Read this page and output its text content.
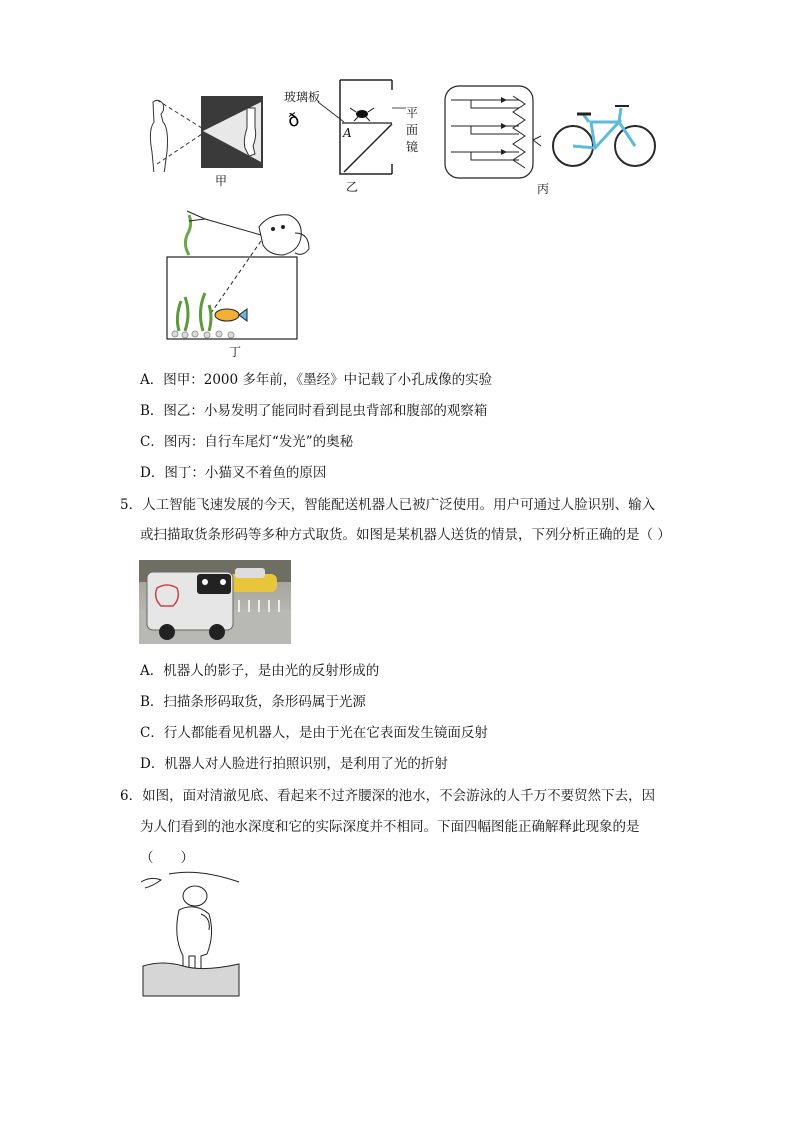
甲
ð
玻璃板
A
平
面
镜
乙	丙
丁
A．图甲：2000 多年前，《墨经》中记载了小孔成像的实验
B．图乙：小易发明了能同时看到昆虫背部和腹部的观察箱
C．图丙：自行车尾灯“发光”的奥秘
D．图丁：小猫叉不着鱼的原因
5．人工智能飞速发展的今天，智能配送机器人已被广泛使用。用户可通过人脸识别、输入
或扫描取货条形码等多种方式取货。如图是某机器人送货的情景，下列分析正确的是（ ）
A．机器人的影子，是由光的反射形成的
B．扫描条形码取货，条形码属于光源
C．行人都能看见机器人，是由于光在它表面发生镜面反射
D．机器人对人脸进行拍照识别，是利用了光的折射
6．如图，面对清澈见底、看起来不过齐腰深的池水，不会游泳的人千万不要贸然下去，因
为人们看到的池水深度和它的实际深度并不相同。下面四幅图能正确解释此现象的是
（　　）
